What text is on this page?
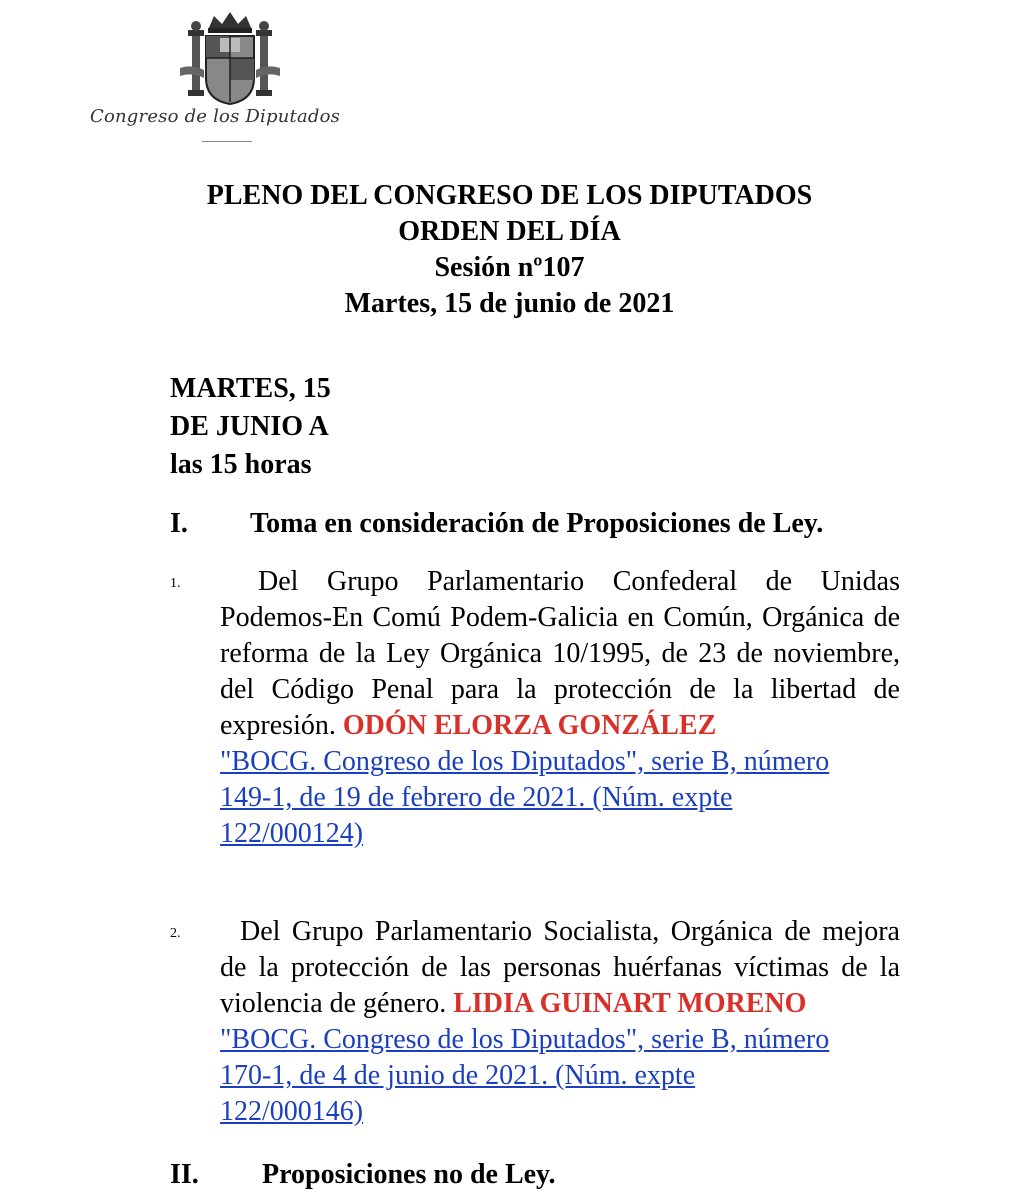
Congreso de los Diputados
PLENO DEL CONGRESO DE LOS DIPUTADOS
ORDEN DEL DÍA
Sesión nº107
Martes, 15 de junio de 2021
MARTES, 15
DE JUNIO A
las 15 horas
I. Toma en consideración de Proposiciones de Ley.
1.	Del Grupo Parlamentario Confederal de Unidas Podemos-En Comú Podem-Galicia en Común, Orgánica de reforma de la Ley Orgánica 10/1995, de 23 de noviembre, del Código Penal para la protección de la libertad de expresión. ODÓN ELORZA GONZÁLEZ
"BOCG. Congreso de los Diputados", serie B, número 149-1, de 19 de febrero de 2021. (Núm. expte 122/000124)
2.	Del Grupo Parlamentario Socialista, Orgánica de mejora de la protección de las personas huérfanas víctimas de la violencia de género. LIDIA GUINART MORENO
"BOCG. Congreso de los Diputados", serie B, número 170-1, de 4 de junio de 2021. (Núm. expte 122/000146)
II. Proposiciones no de Ley.
